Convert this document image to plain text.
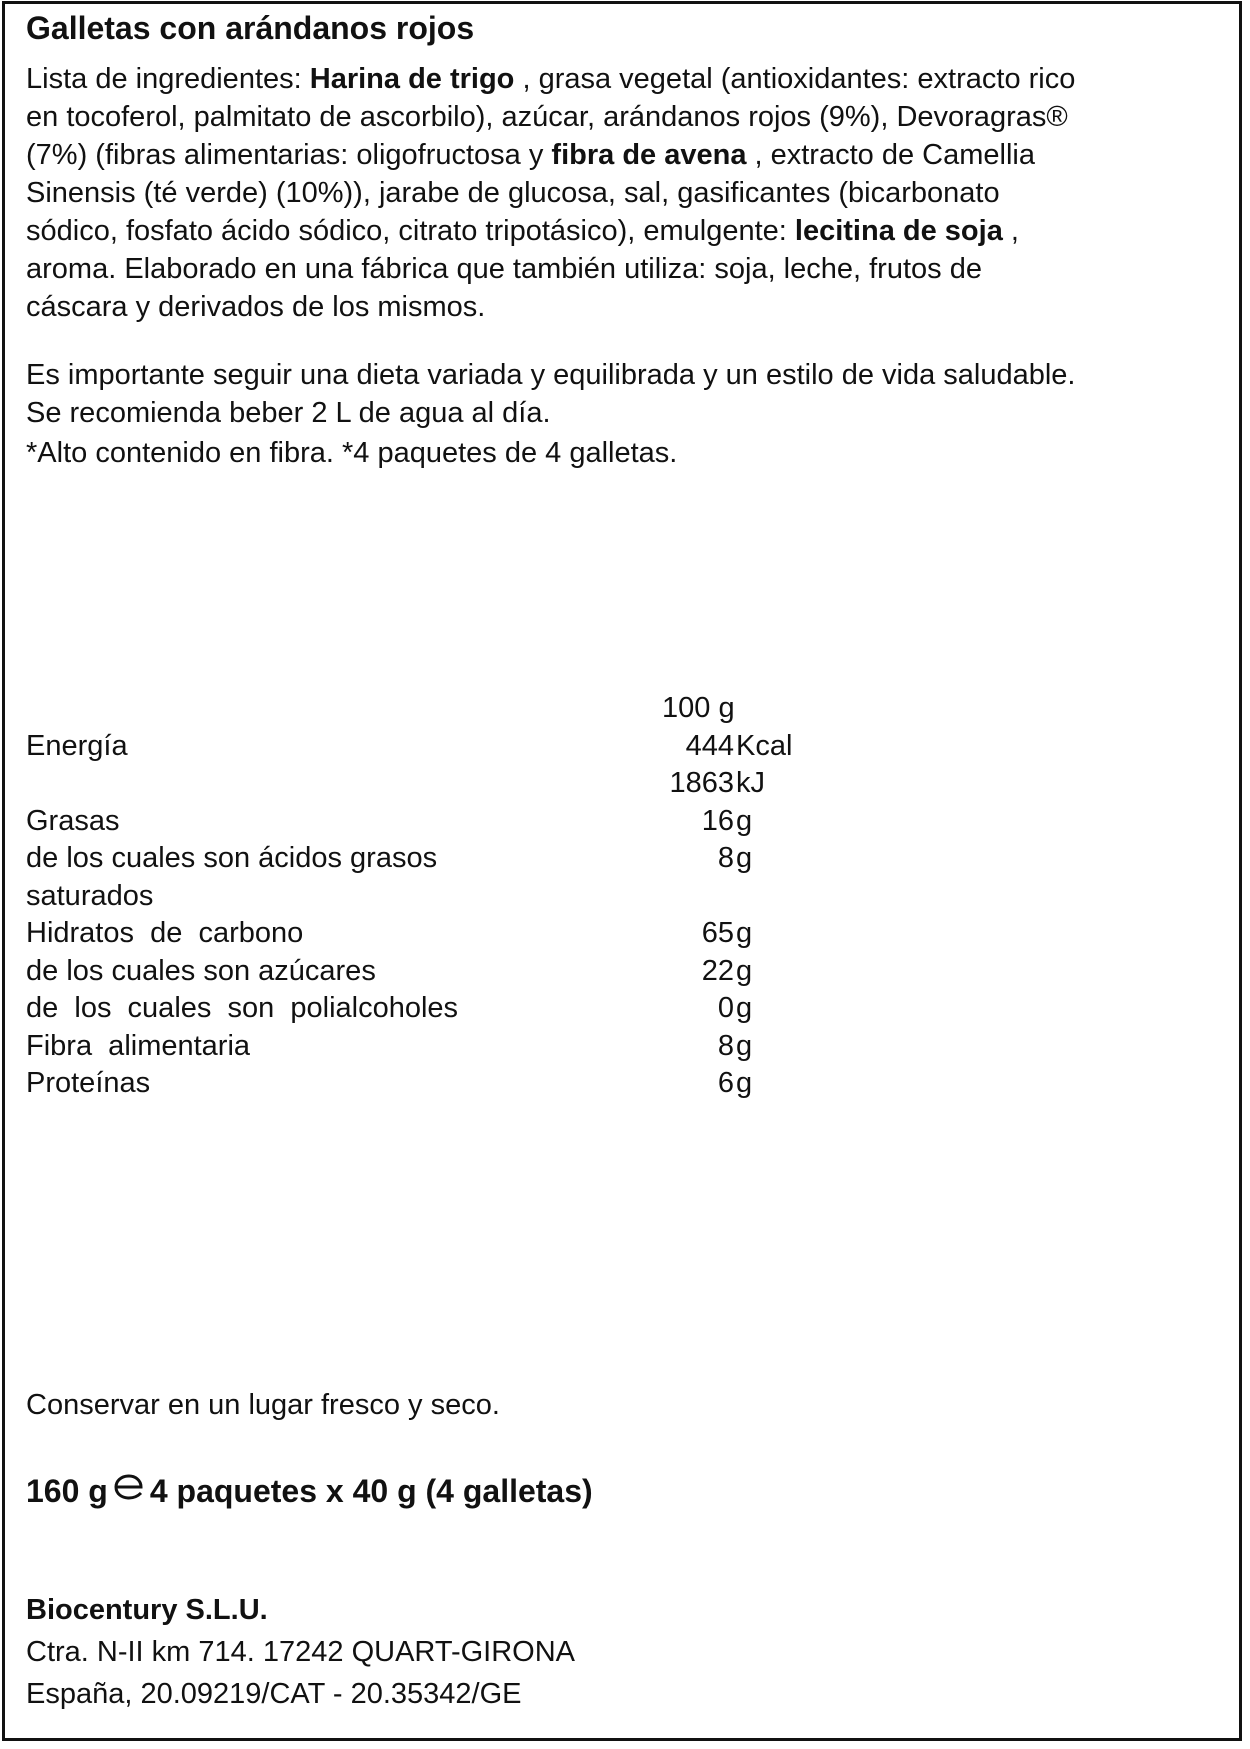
Galletas con arándanos rojos
Lista de ingredientes: Harina de trigo , grasa vegetal (antioxidantes: extracto rico
en tocoferol, palmitato de ascorbilo), azúcar, arándanos rojos (9%), Devoragras®
(7%) (fibras alimentarias: oligofructosa y fibra de avena , extracto de Camellia
Sinensis (té verde) (10%)), jarabe de glucosa, sal, gasificantes (bicarbonato
sódico, fosfato ácido sódico, citrato tripotásico), emulgente: lecitina de soja ,
aroma. Elaborado en una fábrica que también utiliza: soja, leche, frutos de
cáscara y derivados de los mismos.
Es importante seguir una dieta variada y equilibrada y un estilo de vida saludable.
Se recomienda beber 2 L de agua al día.
*Alto contenido en fibra. *4 paquetes de 4 galletas.
100 g
Energía	444 Kcal
1863 kJ
Grasas	16 g
de los cuales son ácidos grasos	8 g
saturados
Hidratos  de  carbono	65 g
de los cuales son azúcares	22 g
de  los  cuales  son  polialcoholes	0 g
Fibra  alimentaria	8 g
Proteínas	6 g
Conservar en un lugar fresco y seco.
160 g 4 paquetes x 40 g (4 galletas)
Biocentury S.L.U.
Ctra. N-II km 714. 17242 QUART-GIRONA
España, 20.09219/CAT - 20.35342/GE
